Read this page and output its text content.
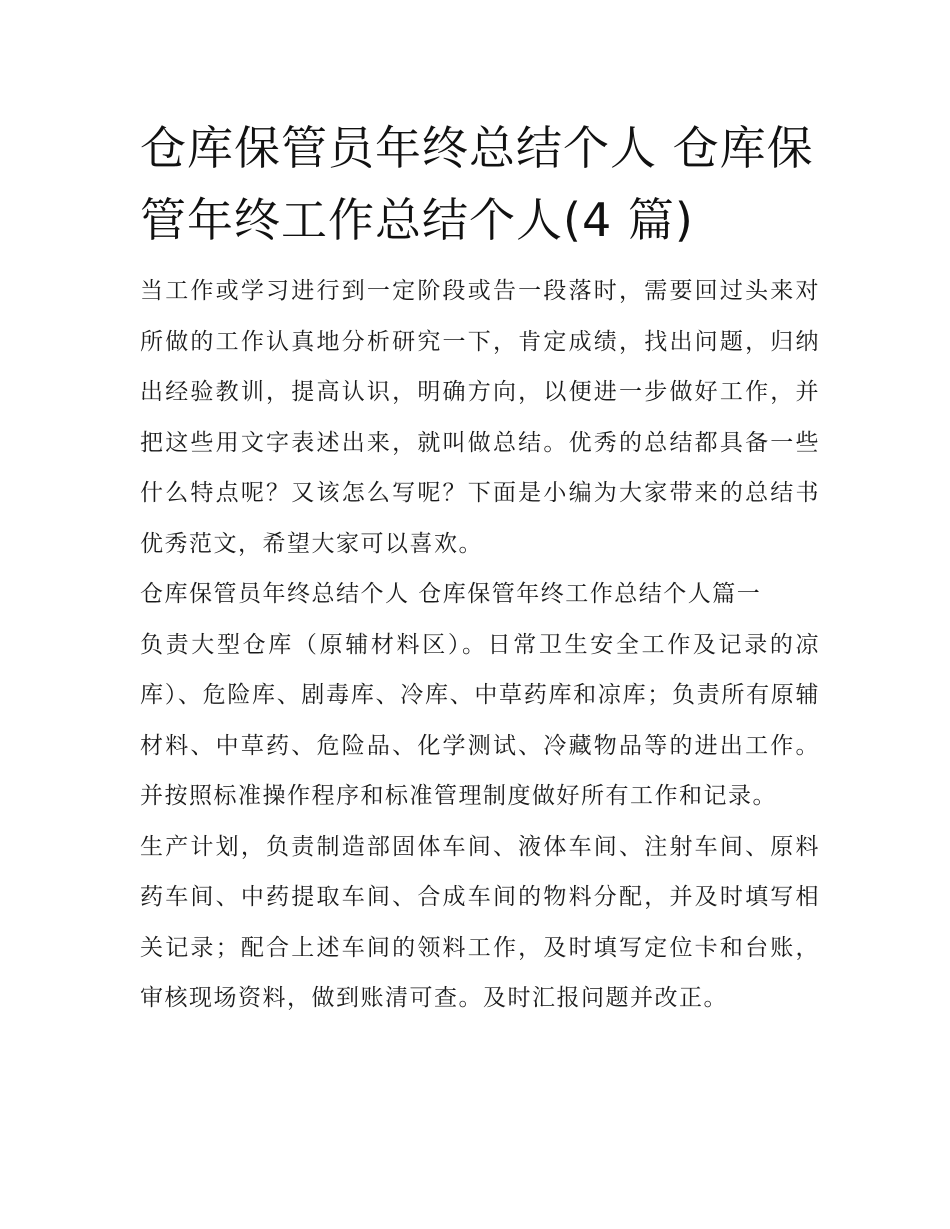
仓库保管员年终总结个人 仓库保管年终工作总结个人(4 篇)

当工作或学习进行到一定阶段或告一段落时，需要回过头来对所做的工作认真地分析研究一下，肯定成绩，找出问题，归纳出经验教训，提高认识，明确方向，以便进一步做好工作，并把这些用文字表述出来，就叫做总结。优秀的总结都具备一些什么特点呢？又该怎么写呢？下面是小编为大家带来的总结书优秀范文，希望大家可以喜欢。

仓库保管员年终总结个人 仓库保管年终工作总结个人篇一

负责大型仓库（原辅材料区）。日常卫生安全工作及记录的凉库）、危险库、剧毒库、冷库、中草药库和凉库；负责所有原辅材料、中草药、危险品、化学测试、冷藏物品等的进出工作。并按照标准操作程序和标准管理制度做好所有工作和记录。

生产计划，负责制造部固体车间、液体车间、注射车间、原料药车间、中药提取车间、合成车间的物料分配，并及时填写相关记录；配合上述车间的领料工作，及时填写定位卡和台账，审核现场资料，做到账清可查。及时汇报问题并改正。
